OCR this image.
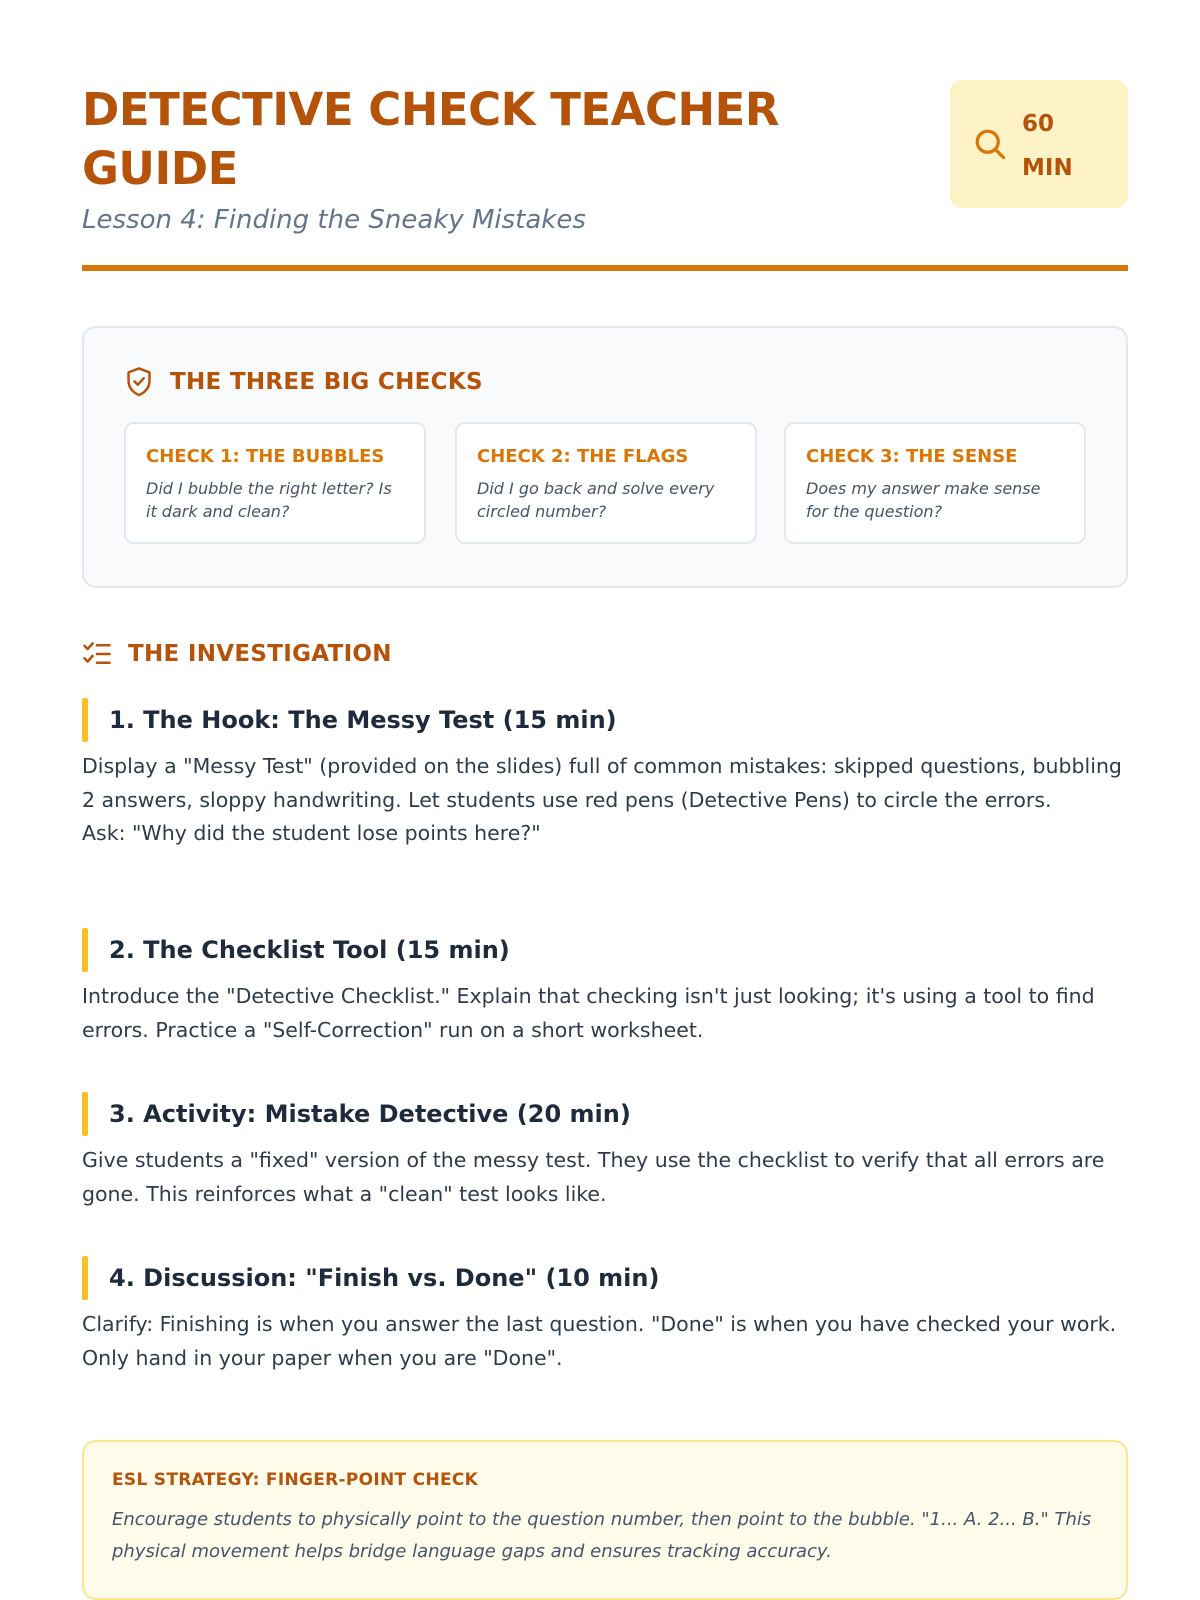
DETECTIVE CHECK TEACHER GUIDE
Lesson 4: Finding the Sneaky Mistakes
60
MIN
THE THREE BIG CHECKS
CHECK 1: THE BUBBLES
Did I bubble the right letter? Is it dark and clean?
CHECK 2: THE FLAGS
Did I go back and solve every circled number?
CHECK 3: THE SENSE
Does my answer make sense for the question?
THE INVESTIGATION
1. The Hook: The Messy Test (15 min)
Display a "Messy Test" (provided on the slides) full of common mistakes: skipped questions, bubbling 2 answers, sloppy handwriting. Let students use red pens (Detective Pens) to circle the errors.
Ask: "Why did the student lose points here?"
2. The Checklist Tool (15 min)
Introduce the "Detective Checklist." Explain that checking isn't just looking; it's using a tool to find errors. Practice a "Self-Correction" run on a short worksheet.
3. Activity: Mistake Detective (20 min)
Give students a "fixed" version of the messy test. They use the checklist to verify that all errors are gone. This reinforces what a "clean" test looks like.
4. Discussion: "Finish vs. Done" (10 min)
Clarify: Finishing is when you answer the last question. "Done" is when you have checked your work. Only hand in your paper when you are "Done".
ESL STRATEGY: FINGER-POINT CHECK
Encourage students to physically point to the question number, then point to the bubble. "1... A. 2... B." This physical movement helps bridge language gaps and ensures tracking accuracy.
